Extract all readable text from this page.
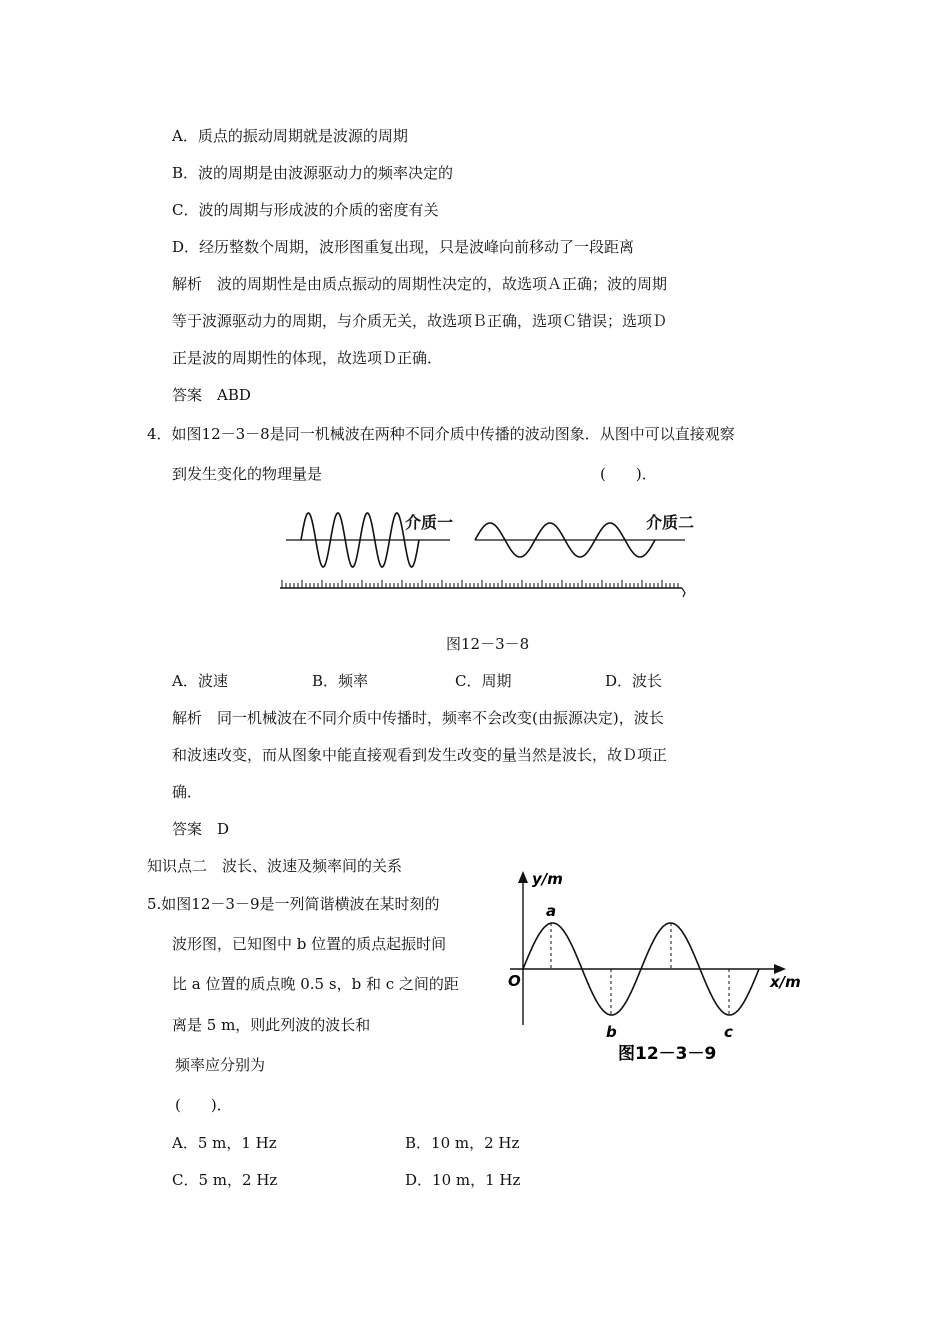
A．质点的振动周期就是波源的周期
B．波的周期是由波源驱动力的频率决定的
C．波的周期与形成波的介质的密度有关
D．经历整数个周期，波形图重复出现，只是波峰向前移动了一段距离
解析　波的周期性是由质点振动的周期性决定的，故选项Ａ正确；波的周期
等于波源驱动力的周期，与介质无关，故选项Ｂ正确，选项Ｃ错误；选项Ｄ
正是波的周期性的体现，故选项Ｄ正确．
答案　ABD
4．如图12－3－8是同一机械波在两种不同介质中传播的波动图象．从图中可以直接观察
到发生变化的物理量是	(　　)．
介质一	介质二
图12－3－8
A．波速	B．频率	C．周期	D．波长
解析　同一机械波在不同介质中传播时，频率不会改变(由振源决定)，波长
和波速改变，而从图象中能直接观看到发生改变的量当然是波长，故Ｄ项正
确．
答案　D
知识点二　波长、波速及频率间的关系
5.如图12－3－9是一列简谐横波在某时刻的
波形图，已知图中 b 位置的质点起振时间
比 a 位置的质点晚 0.5 s，b 和 c 之间的距
离是 5 m，则此列波的波长和
频率应分别为
(　　)．
y/m
x/m
O
a
b	c
图12－3－9
A．5 m，1 Hz	B．10 m，2 Hz
C．5 m，2 Hz	D．10 m，1 Hz
